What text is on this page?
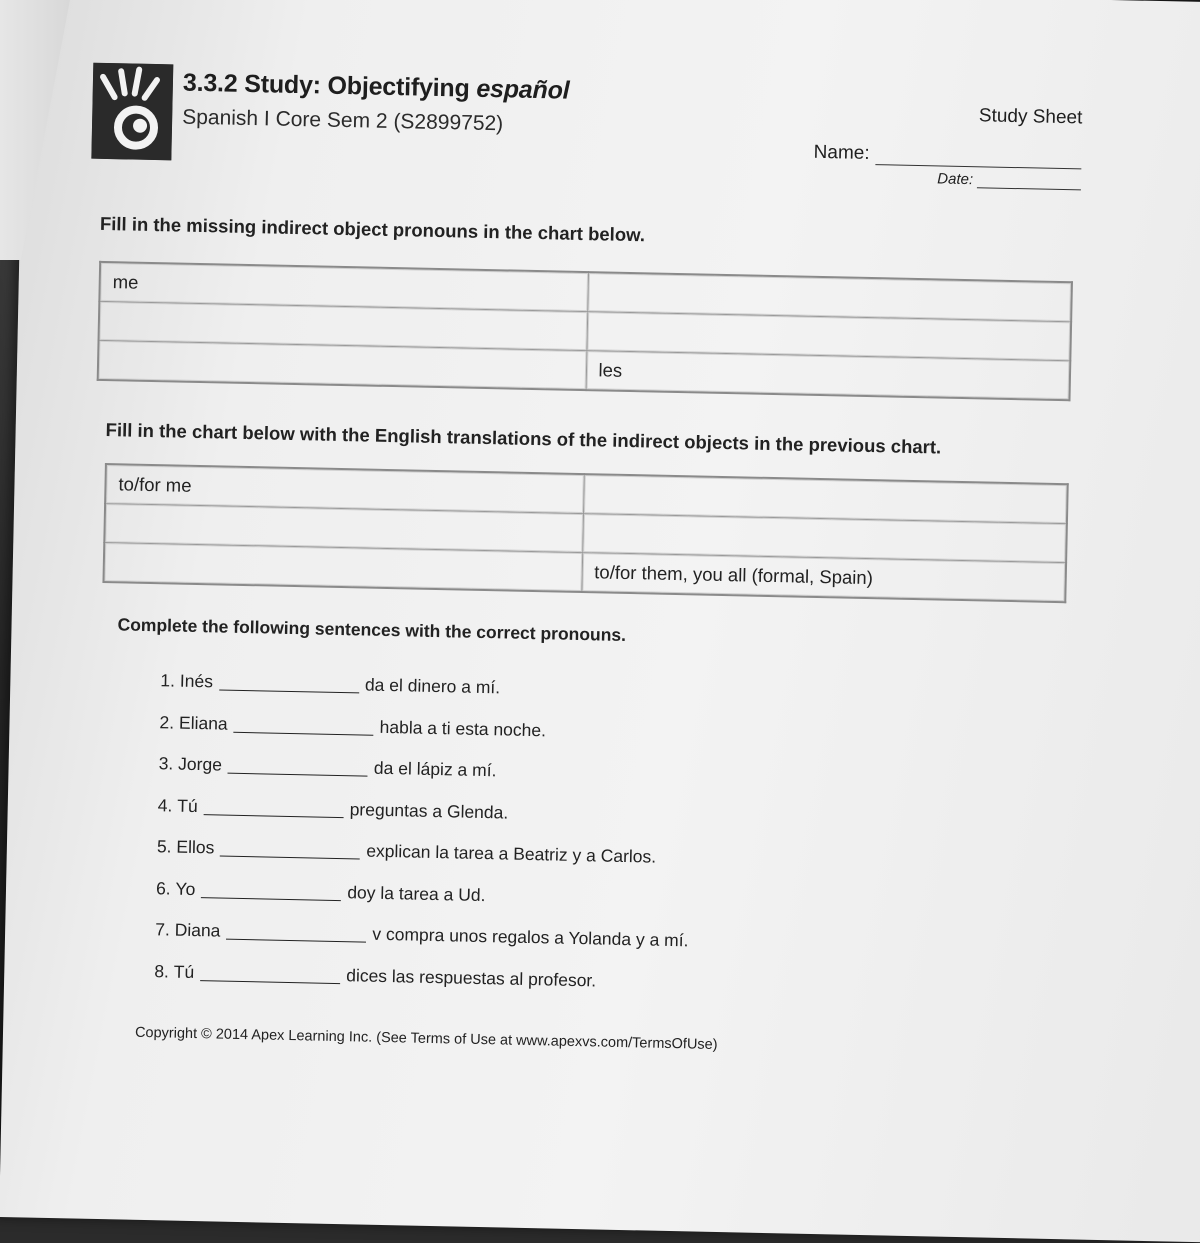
3.3.2 Study: Objectifying español
Spanish I Core Sem 2 (S2899752)	Study Sheet
Name:
Date:
Fill in the missing indirect object pronouns in the chart below.
me	

	les
Fill in the chart below with the English translations of the indirect objects in the previous chart.
to/for me	

	to/for them, you all (formal, Spain)
Complete the following sentences with the correct pronouns.
1.
Inés	da el dinero a mí.
2.
Eliana	habla a ti esta noche.
3.
Jorge	da el lápiz a mí.
4.
Tú	preguntas a Glenda.
5.
Ellos	explican la tarea a Beatriz y a Carlos.
6.
Yo	doy la tarea a Ud.
7.
Diana	v compra unos regalos a Yolanda y a mí.
8.
Tú	dices las respuestas al profesor.
Copyright © 2014 Apex Learning Inc. (See Terms of Use at www.apexvs.com/TermsOfUse)
